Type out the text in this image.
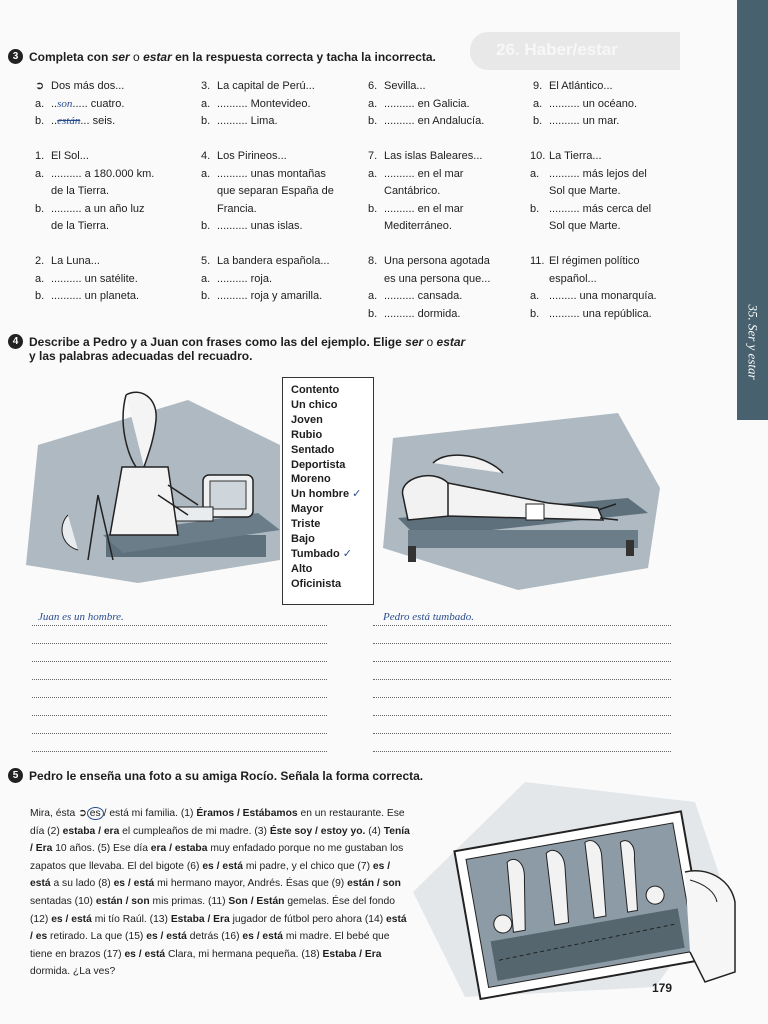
35. Ser y estar
26. Haber/estar
3 Completa con ser o estar en la respuesta correcta y tacha la incorrecta.
➲ Dos más dos...
a. ..son..... cuatro.
b. ..están... seis.
1. El Sol...
a. .......... a 180.000 km.
de la Tierra.
b. .......... a un año luz
de la Tierra.
2. La Luna...
a. .......... un satélite.
b. .......... un planeta.
3. La capital de Perú...
a. .......... Montevideo.
b. .......... Lima.
4. Los Pirineos...
a. .......... unas montañas
que separan España de
Francia.
b. .......... unas islas.
5. La bandera española...
a. .......... roja.
b. .......... roja y amarilla.
6. Sevilla...
a. .......... en Galicia.
b. .......... en Andalucía.
7. Las islas Baleares...
a. .......... en el mar
Cantábrico.
b. .......... en el mar
Mediterráneo.
8. Una persona agotada
es una persona que...
a. .......... cansada.
b. .......... dormida.
9. El Atlántico...
a. .......... un océano.
b. .......... un mar.
10. La Tierra...
a. .......... más lejos del
Sol que Marte.
b. .......... más cerca del
Sol que Marte.
11. El régimen político
español...
a. ......... una monarquía.
b. .......... una república.
4 Describe a Pedro y a Juan con frases como las del ejemplo. Elige ser o estar
y las palabras adecuadas del recuadro.
Contento
Un chico
Joven
Rubio
Sentado
Deportista
Moreno
Un hombre ✓
Mayor
Triste
Bajo
Tumbado ✓
Alto
Oficinista
Juan es un hombre.	Pedro está tumbado.
5 Pedro le enseña una foto a su amiga Rocío. Señala la forma correcta.
Mira, ésta ➲ es / está mi familia. (1) Éramos / Estábamos en un restaurante. Ese día (2) estaba / era el cumpleaños de mi madre. (3) Éste soy / estoy yo. (4) Tenía / Era 10 años. (5) Ese día era / estaba muy enfadado porque no me gustaban los zapatos que llevaba. El del bigote (6) es / está mi padre, y el chico que (7) es / está a su lado (8) es / está mi hermano mayor, Andrés. Ésas que (9) están / son sentadas (10) están / son mis primas. (11) Son / Están gemelas. Ése del fondo (12) es / está mi tío Raúl. (13) Estaba / Era jugador de fútbol pero ahora (14) está / es retirado. La que (15) es / está detrás (16) es / está mi madre. El bebé que tiene en brazos (17) es / está Clara, mi hermana pequeña. (18) Estaba / Era dormida. ¿La ves?
179
